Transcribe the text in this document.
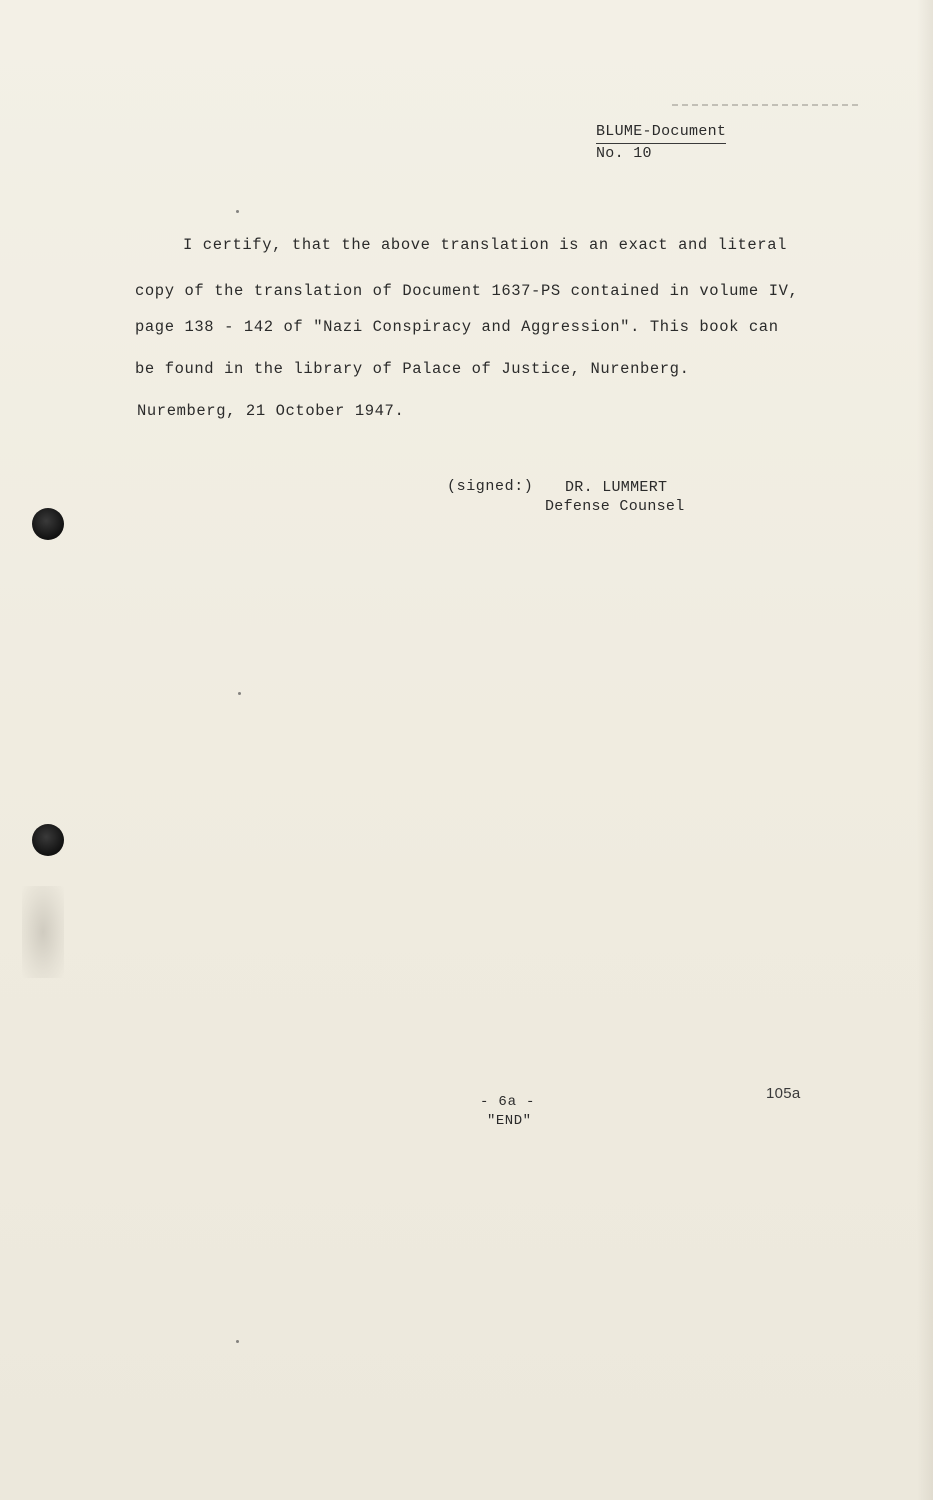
BLUME-Document
No. 10
I certify, that the above translation is an exact and literal
copy of the translation of Document 1637-PS contained in volume IV,
page 138 - 142 of "Nazi Conspiracy and Aggression". This book can
be found in the library of Palace of Justice, Nurenberg.
Nuremberg, 21 October 1947.
(signed:)	DR. LUMMERT
Defense Counsel
- 6a -
"END"
105a
